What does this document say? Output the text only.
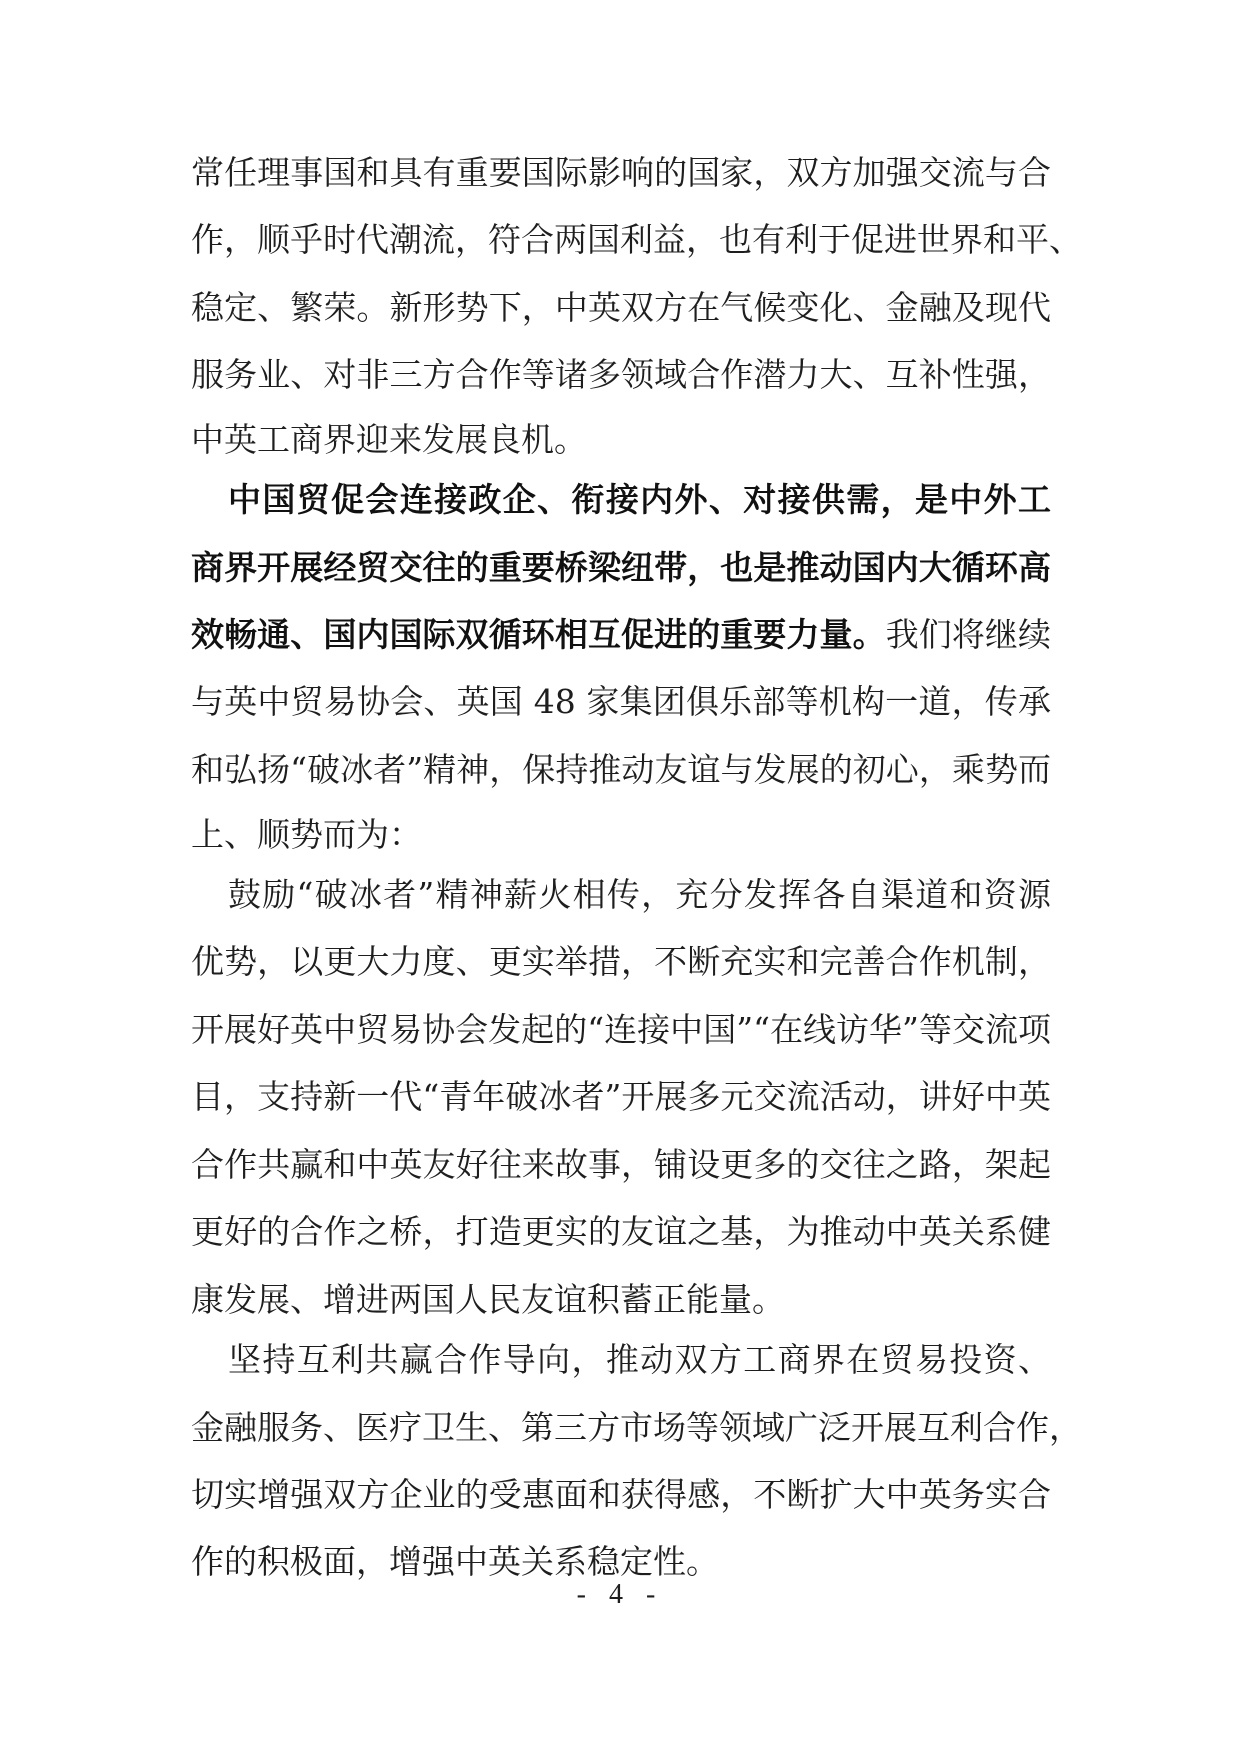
常任理事国和具有重要国际影响的国家，双方加强交流与合
作，顺乎时代潮流，符合两国利益，也有利于促进世界和平、
稳定、繁荣。新形势下，中英双方在气候变化、金融及现代
服务业、对非三方合作等诸多领域合作潜力大、互补性强，
中英工商界迎来发展良机。
中国贸促会连接政企、衔接内外、对接供需，是中外工
商界开展经贸交往的重要桥梁纽带，也是推动国内大循环高
效畅通、国内国际双循环相互促进的重要力量。我们将继续
与英中贸易协会、英国 48 家集团俱乐部等机构一道，传承
和弘扬“破冰者”精神，保持推动友谊与发展的初心，乘势而
上、顺势而为：
鼓励“破冰者”精神薪火相传，充分发挥各自渠道和资源
优势，以更大力度、更实举措，不断充实和完善合作机制，
开展好英中贸易协会发起的“连接中国”“在线访华”等交流项
目，支持新一代“青年破冰者”开展多元交流活动，讲好中英
合作共赢和中英友好往来故事，铺设更多的交往之路，架起
更好的合作之桥，打造更实的友谊之基，为推动中英关系健
康发展、增进两国人民友谊积蓄正能量。
坚持互利共赢合作导向，推动双方工商界在贸易投资、
金融服务、医疗卫生、第三方市场等领域广泛开展互利合作，
切实增强双方企业的受惠面和获得感，不断扩大中英务实合
作的积极面，增强中英关系稳定性。
- 4 -
